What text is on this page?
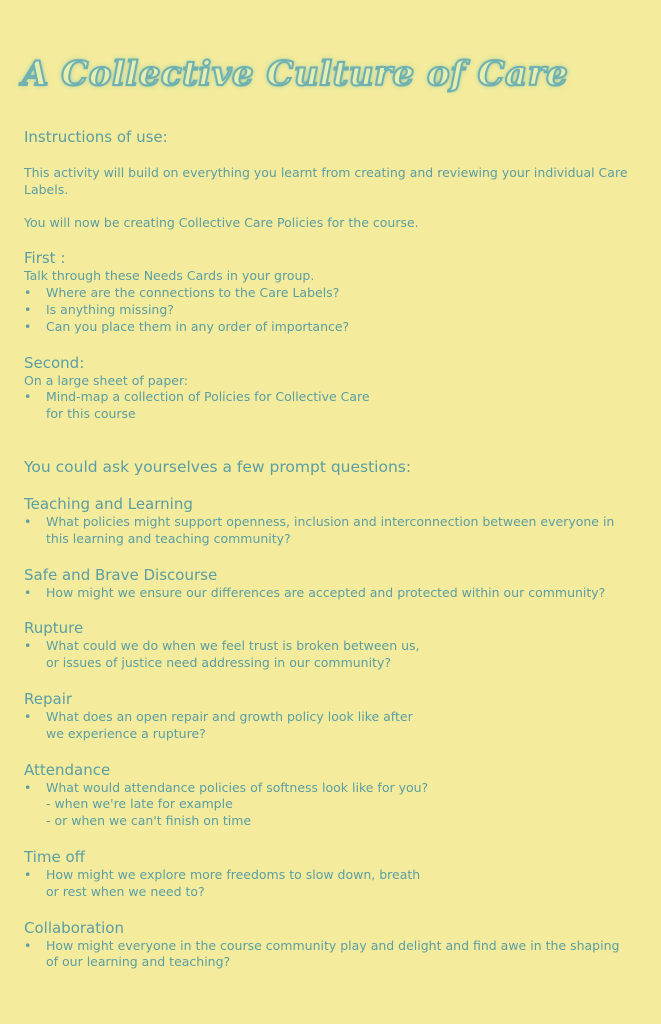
A Collective Culture of Care

Instructions of use:

This activity will build on everything you learnt from creating and reviewing your individual Care Labels.

You will now be creating Collective Care Policies for the course.

First :

Talk through these Needs Cards in your group.

• Where are the connections to the Care Labels?
• Is anything missing?
• Can you place them in any order of importance?

Second:

On a large sheet of paper:

• Mind-map a collection of Policies for Collective Care
for this course

You could ask yourselves a few prompt questions:

Teaching and Learning

• What policies might support openness, inclusion and interconnection between everyone in this learning and teaching community?

Safe and Brave Discourse

• How might we ensure our differences are accepted and protected within our community?

Rupture

• What could we do when we feel trust is broken between us,
or issues of justice need addressing in our community?

Repair

• What does an open repair and growth policy look like after
we experience a rupture?

Attendance

• What would attendance policies of softness look like for you?
- when we're late for example
- or when we can't finish on time

Time off

• How might we explore more freedoms to slow down, breath
or rest when we need to?

Collaboration

• How might everyone in the course community play and delight and find awe in the shaping of our learning and teaching?
